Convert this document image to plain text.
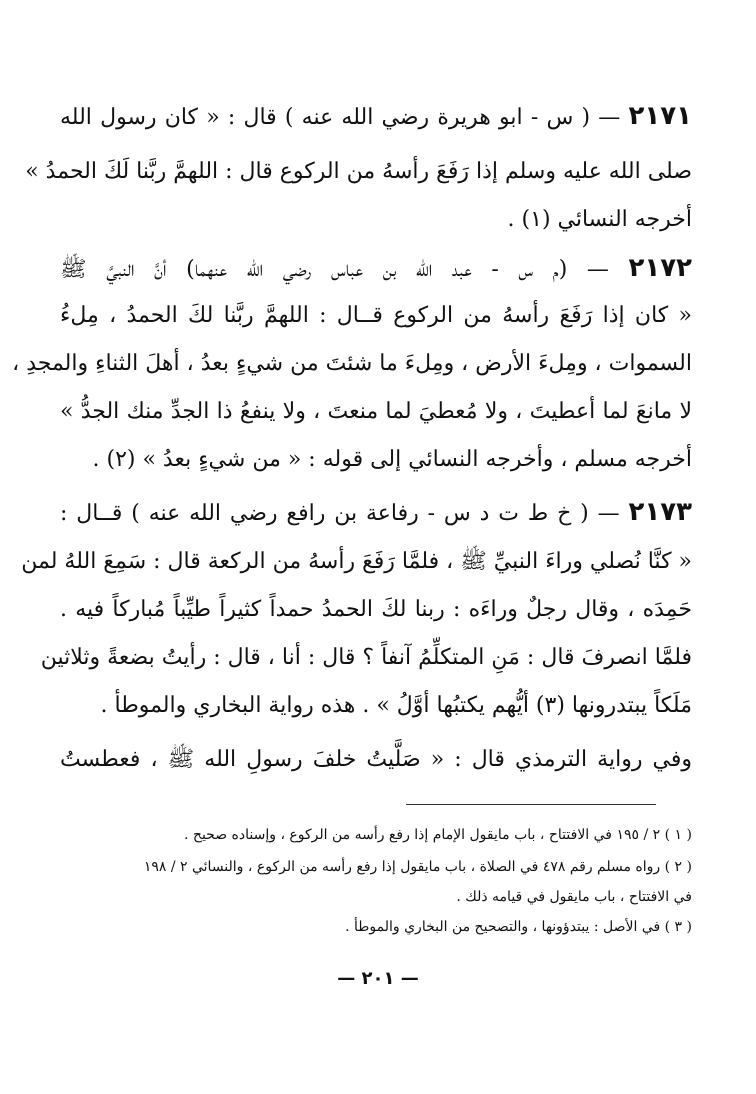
٢١٧١ — ( س - ابو هريرة رضي الله عنه ) قال : « كان رسول الله
صلى الله عليه وسلم إذا رَفَعَ رأسهُ من الركوع قال : اللهمَّ ربَّنا لَكَ الحمدُ »
أخرجه النسائي (١) .
٢١٧٢ — (م س - عبد الله بن عباس رضي الله عنهما) أنَّ النبيَّ ﷺ
« كان إذا رَفَعَ رأسهُ من الركوع قــال : اللهمَّ ربَّنا لكَ الحمدُ ، مِلءُ
السموات ، ومِلءَ الأرض ، ومِلءَ ما شئتَ من شيءٍ بعدُ ، أهلَ الثناءِ والمجدِ ،
لا مانعَ لما أعطيتَ ، ولا مُعطيَ لما منعتَ ، ولا ينفعُ ذا الجدِّ منك الجدُّ »
أخرجه مسلم ، وأخرجه النسائي إلى قوله : « من شيءٍ بعدُ » (٢) .
٢١٧٣ — ( خ ط ت د س - رفاعة بن رافع رضي الله عنه ) قــال :
« كنَّا نُصلي وراءَ النبيِّ ﷺ ، فلمَّا رَفَعَ رأسهُ من الركعة قال : سَمِعَ اللهُ لمن
حَمِدَه ، وقال رجلٌ وراءَه : ربنا لكَ الحمدُ حمداً كثيراً طيِّباً مُباركاً فيه .
فلمَّا انصرفَ قال : مَنِ المتكلِّمُ آنفاً ؟ قال : أنا ، قال : رأيتُ بضعةً وثلاثين
مَلَكاً يبتدرونها (٣) أيُّهم يكتبُها أوَّلُ » . هذه رواية البخاري والموطأ .
وفي رواية الترمذي قال : « صَلَّيتُ خلفَ رسولِ الله ﷺ ، فعطستُ
( ١ ) ٢ / ١٩٥ في الافتتاح ، باب مايقول الإمام إذا رفع رأسه من الركوع ، وإسناده صحيح .
( ٢ ) رواه مسلم رقم ٤٧٨ في الصلاة ، باب مايقول إذا رفع رأسه من الركوع ، والنسائي ٢ / ١٩٨
في الافتتاح ، باب مايقول في قيامه ذلك .
( ٣ ) في الأصل : يبتدؤونها ، والتصحيح من البخاري والموطأ .
— ٢٠١ —
